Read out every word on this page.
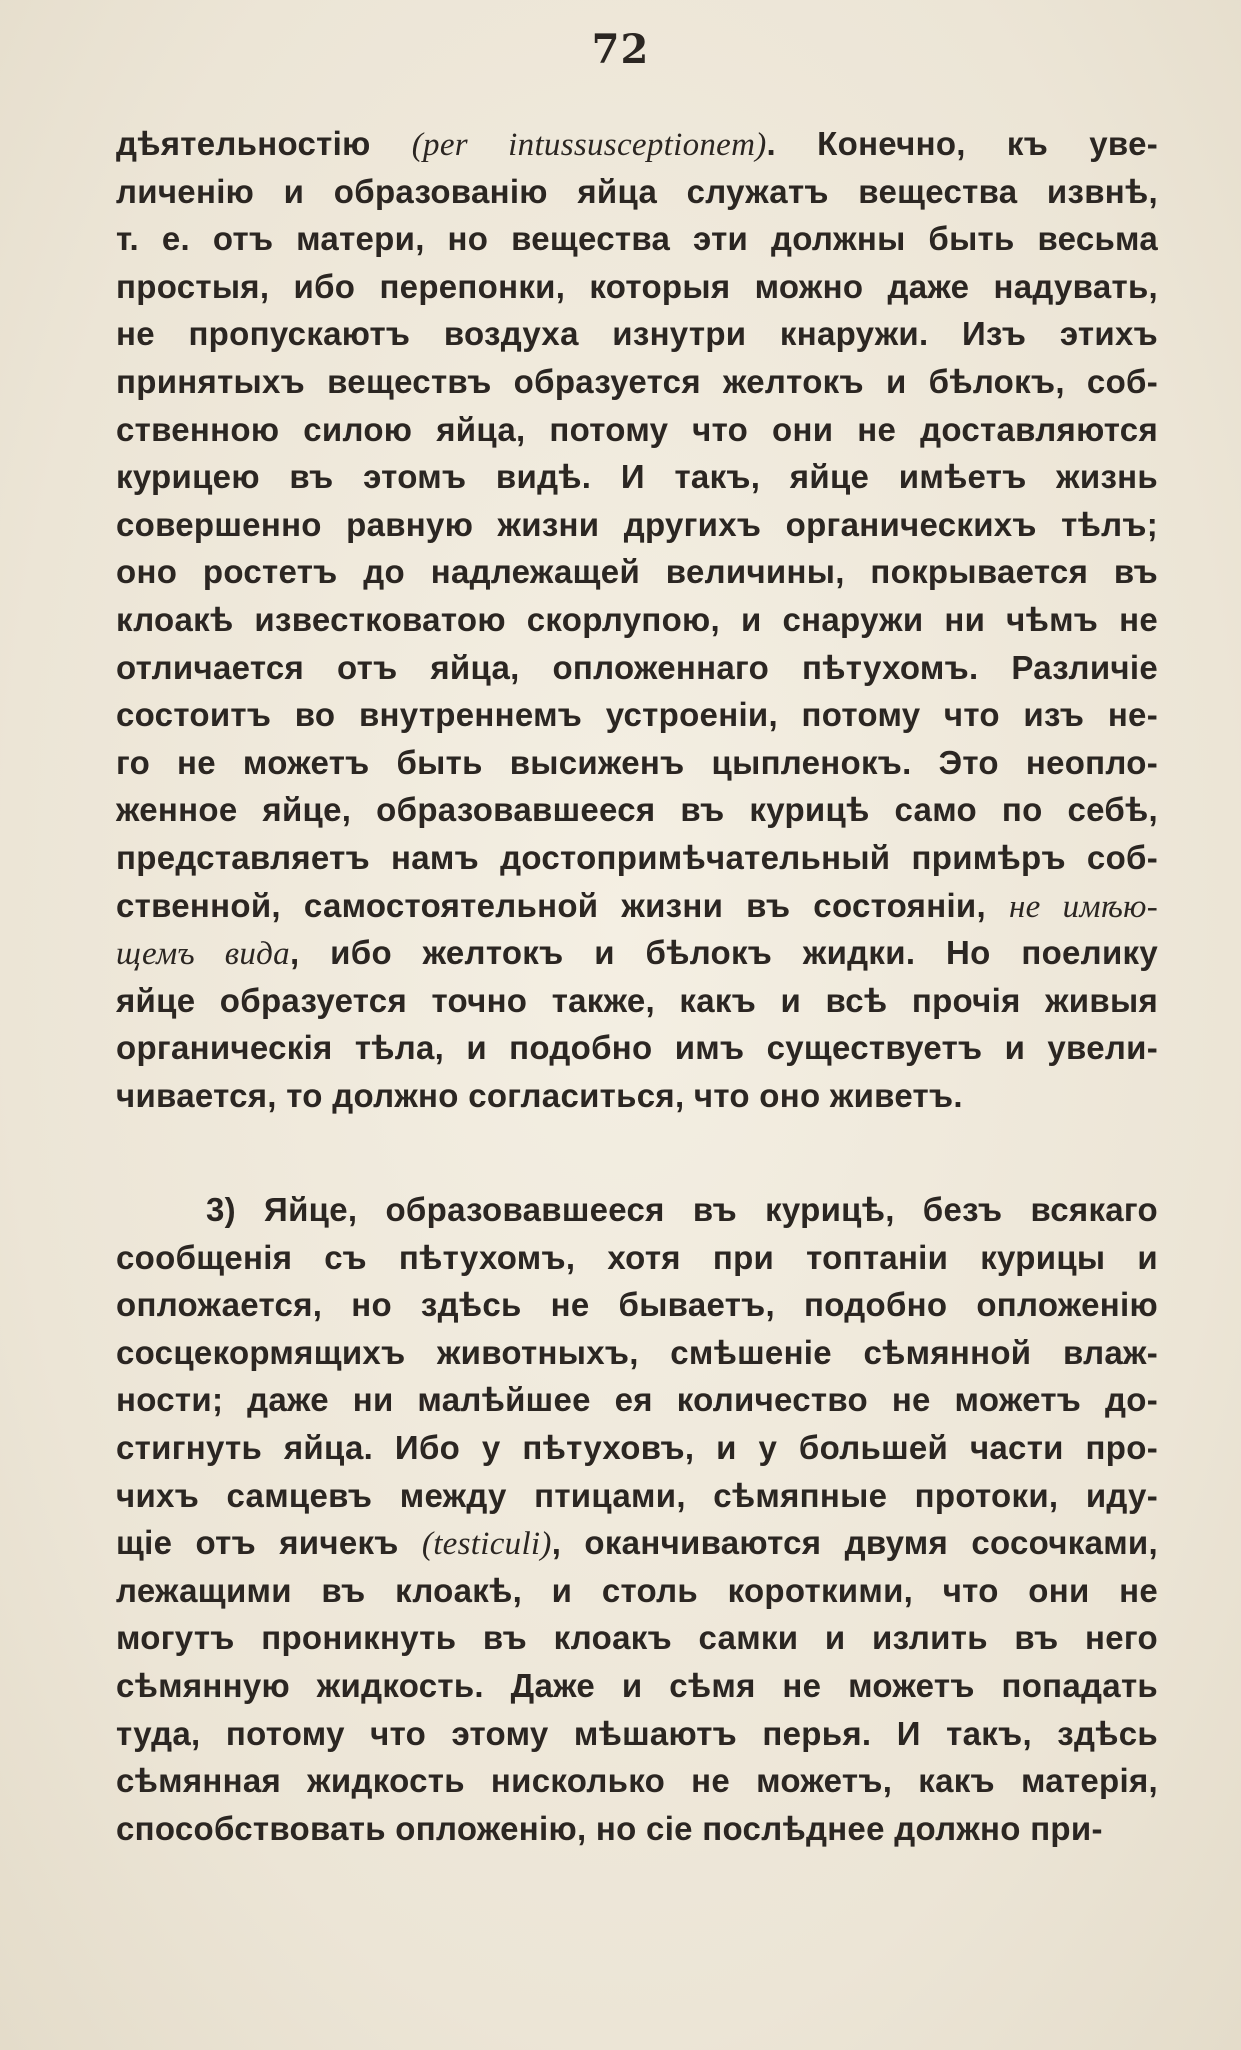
72
дѣятельностію (per intussusceptionem). Конечно, къ уве-
личенію и образованію яйца служатъ вещества извнѣ,
т. е. отъ матери, но вещества эти должны быть весьма
простыя, ибо перепонки, которыя можно даже надувать,
не пропускаютъ воздуха изнутри кнаружи. Изъ этихъ
принятыхъ веществъ образуется желтокъ и бѣлокъ, соб-
ственною силою яйца, потому что они не доставляются
курицею въ этомъ видѣ. И такъ, яйце имѣетъ жизнь
совершенно равную жизни другихъ органическихъ тѣлъ;
оно ростетъ до надлежащей величины, покрывается въ
клоакѣ известковатою скорлупою, и снаружи ни чѣмъ не
отличается отъ яйца, опложеннаго пѣтухомъ. Различіе
состоитъ во внутреннемъ устроеніи, потому что изъ не-
го не можетъ быть высиженъ цыпленокъ. Это неопло-
женное яйце, образовавшееся въ курицѣ само по себѣ,
представляетъ намъ достопримѣчательный примѣръ соб-
ственной, самостоятельной жизни въ состояніи, не имѣю-
щемъ вида, ибо желтокъ и бѣлокъ жидки. Но поелику
яйце образуется точно также, какъ и всѣ прочія живыя
органическія тѣла, и подобно имъ существуетъ и увели-
чивается, то должно согласиться, что оно живетъ.
3) Яйце, образовавшееся въ курицѣ, безъ всякаго
сообщенія съ пѣтухомъ, хотя при топтаніи курицы и
опложается, но здѣсь не бываетъ, подобно опложенію
сосцекормящихъ животныхъ, смѣшеніе сѣмянной влаж-
ности; даже ни малѣйшее ея количество не можетъ до-
стигнуть яйца. Ибо у пѣтуховъ, и у большей части про-
чихъ самцевъ между птицами, сѣмяпные протоки, иду-
щіе отъ яичекъ (testiculi), оканчиваются двумя сосочками,
лежащими въ клоакѣ, и столь короткими, что они не
могутъ проникнуть въ клоакъ самки и излить въ него
сѣмянную жидкость. Даже и сѣмя не можетъ попадать
туда, потому что этому мѣшаютъ перья. И такъ, здѣсь
сѣмянная жидкость нисколько не можетъ, какъ матерія,
способствовать опложенію, но сіе послѣднее должно при-
